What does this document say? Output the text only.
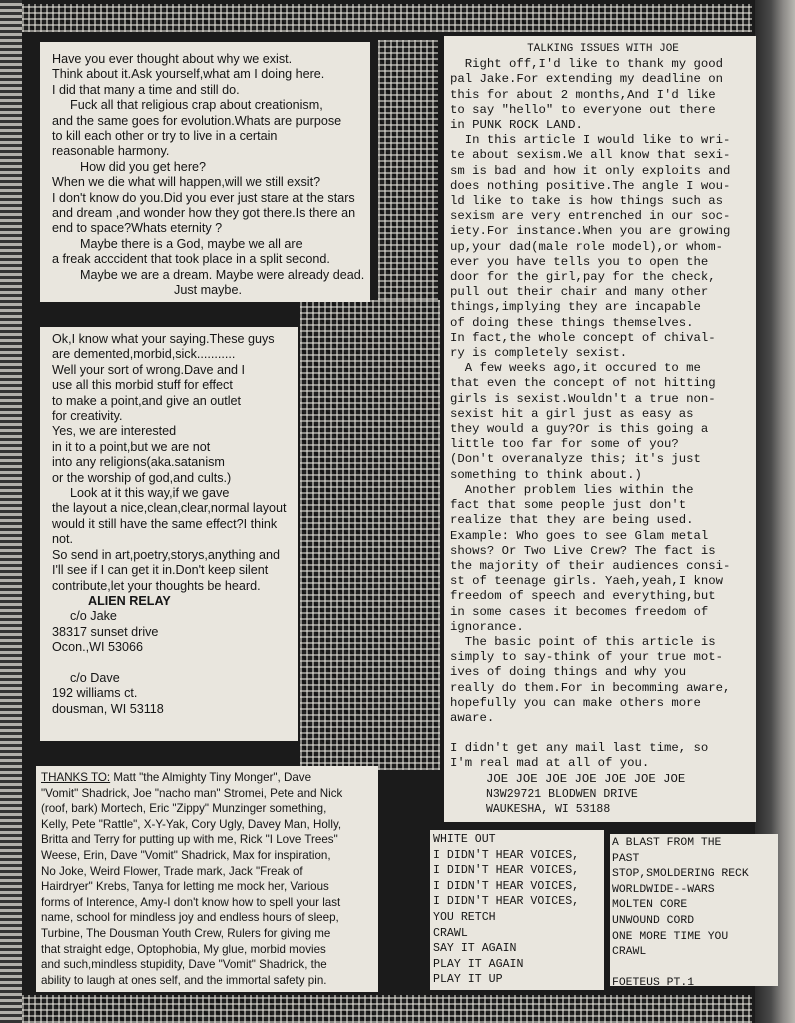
Have you ever thought about why we exist.
Think about it.Ask yourself,what am I doing here.
I did that many a time and still do.
Fuck all that religious crap about creationism,
and the same goes for evolution.Whats are purpose
to kill each other or try to live in a certain
reasonable harmony.
How did you get here?
When we die what will happen,will we still exsit?
I don't know do you.Did you ever just stare at the stars
and dream ,and wonder how they got there.Is there an
end to space?Whats eternity ?
Maybe there is a God, maybe we all are
a freak acccident that took place in a split second.
Maybe we are a dream. Maybe were already dead.
Just maybe.
Ok,I know what your saying.These guys
are demented,morbid,sick...........
Well your sort of wrong.Dave and I
use all this morbid stuff for effect
to make a point,and give an outlet
for creativity.
Yes, we are interested
in it to a point,but we are not
into any religions(aka.satanism
or the worship of god,and cults.)
Look at it this way,if we gave
the layout a nice,clean,clear,normal layout
would it still have the same effect?I think
not.
So send in art,poetry,storys,anything and
I'll see if I can get it in.Don't keep silent
contribute,let your thoughts be heard.
ALIEN RELAY
c/o Jake
38317 sunset drive
Ocon.,WI 53066
c/o Dave
192 williams ct.
dousman, WI 53118
THANKS TO: Matt "the Almighty Tiny Monger", Dave
"Vomit" Shadrick, Joe "nacho man" Stromei, Pete and Nick
(roof, bark) Mortech, Eric "Zippy" Munzinger something,
Kelly, Pete "Rattle", X-Y-Yak, Cory Ugly, Davey Man, Holly,
Britta and Terry for putting up with me, Rick "I Love Trees"
Weese, Erin, Dave "Vomit" Shadrick, Max for inspiration,
No Joke, Weird Flower, Trade mark, Jack "Freak of
Hairdryer" Krebs, Tanya for letting me mock her, Various
forms of Interence, Amy-I don't know how to spell your last
name, school for mindless joy and endless hours of sleep,
Turbine, The Dousman Youth Crew, Rulers for giving me
that straight edge, Optophobia, My glue, morbid movies
and such,mindless stupidity, Dave "Vomit" Shadrick, the
ability to laugh at ones self, and the immortal safety pin.
TALKING ISSUES WITH JOE
Right off,I'd like to thank my good
pal Jake.For extending my deadline on
this for about 2 months,And I'd like
to say "hello" to everyone out there
in PUNK ROCK LAND.
In this article I would like to wri-
te about sexism.We all know that sexi-
sm is bad and how it only exploits and
does nothing positive.The angle I wou-
ld like to take is how things such as
sexism are very entrenched in our soc-
iety.For instance.When you are growing
up,your dad(male role model),or whom-
ever you have tells you to open the
door for the girl,pay for the check,
pull out their chair and many other
things,implying they are incapable
of doing these things themselves.
In fact,the whole concept of chival-
ry is completely sexist.
A few weeks ago,it occured to me
that even the concept of not hitting
girls is sexist.Wouldn't a true non-
sexist hit a girl just as easy as
they would a guy?Or is this going a
little too far for some of you?
(Don't overanalyze this; it's just
something to think about.)
Another problem lies within the
fact that some people just don't
realize that they are being used.
Example: Who goes to see Glam metal
shows? Or Two Live Crew? The fact is
the majority of their audiences consi-
st of teenage girls. Yaeh,yeah,I know
freedom of speech and everything,but
in some cases it becomes freedom of
ignorance.
The basic point of this article is
simply to say-think of your true mot-
ives of doing things and why you
really do them.For in becomming aware,
hopefully you can make others more
aware.
I didn't get any mail last time, so
I'm real mad at all of you.
JOE JOE JOE JOE JOE JOE JOE
N3W29721 BLODWEN DRIVE
WAUKESHA, WI 53188
WHITE OUT
I DIDN'T HEAR VOICES,
I DIDN'T HEAR VOICES,
I DIDN'T HEAR VOICES,
I DIDN'T HEAR VOICES,
YOU RETCH
CRAWL
SAY IT AGAIN
PLAY IT AGAIN
PLAY IT UP
A BLAST FROM THE
PAST
STOP,SMOLDERING RECK
WORLDWIDE--WARS
MOLTEN CORE
UNWOUND CORD
ONE MORE TIME YOU
CRAWL
FOETEUS PT.1
